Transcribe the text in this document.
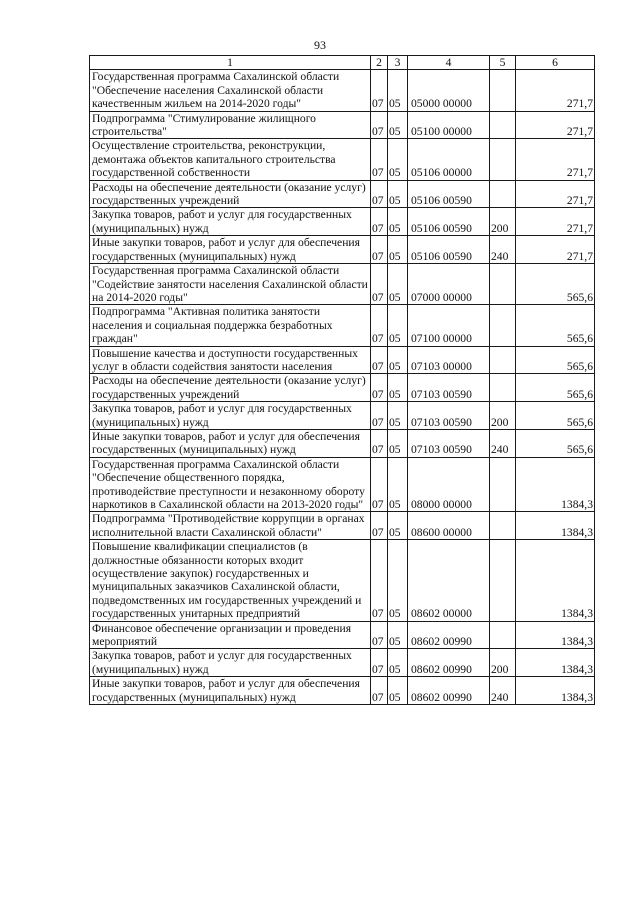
93
1	2	3	4	5	6
Государственная программа Сахалинской области "Обеспечение населения Сахалинской области качественным жильем на 2014-2020 годы"	07	05	05000 00000		271,7
Подпрограмма "Стимулирование жилищного строительства"	07	05	05100 00000		271,7
Осуществление строительства, реконструкции, демонтажа объектов капитального строительства государственной собственности	07	05	05106 00000		271,7
Расходы на обеспечение деятельности (оказание услуг) государственных учреждений	07	05	05106 00590		271,7
Закупка товаров, работ и услуг для государственных (муниципальных) нужд	07	05	05106 00590	200	271,7
Иные закупки товаров, работ и услуг для обеспечения государственных (муниципальных) нужд	07	05	05106 00590	240	271,7
Государственная программа Сахалинской области "Содействие занятости населения Сахалинской области на 2014-2020 годы"	07	05	07000 00000		565,6
Подпрограмма "Активная политика занятости населения и социальная поддержка безработных граждан"	07	05	07100 00000		565,6
Повышение качества и доступности государственных услуг в области содействия занятости населения	07	05	07103 00000		565,6
Расходы на обеспечение деятельности (оказание услуг) государственных учреждений	07	05	07103 00590		565,6
Закупка товаров, работ и услуг для государственных (муниципальных) нужд	07	05	07103 00590	200	565,6
Иные закупки товаров, работ и услуг для обеспечения государственных (муниципальных) нужд	07	05	07103 00590	240	565,6
Государственная программа Сахалинской области "Обеспечение общественного порядка, противодействие преступности и незаконному обороту наркотиков в Сахалинской области на 2013-2020 годы"	07	05	08000 00000		1384,3
Подпрограмма "Противодействие коррупции в органах исполнительной власти Сахалинской области"	07	05	08600 00000		1384,3
Повышение квалификации специалистов (в должностные обязанности которых входит осуществление закупок) государственных и муниципальных заказчиков Сахалинской области, подведомственных им государственных учреждений и государственных унитарных предприятий	07	05	08602 00000		1384,3
Финансовое обеспечение организации и проведения мероприятий	07	05	08602 00990		1384,3
Закупка товаров, работ и услуг для государственных (муниципальных) нужд	07	05	08602 00990	200	1384,3
Иные закупки товаров, работ и услуг для обеспечения государственных (муниципальных) нужд	07	05	08602 00990	240	1384,3
